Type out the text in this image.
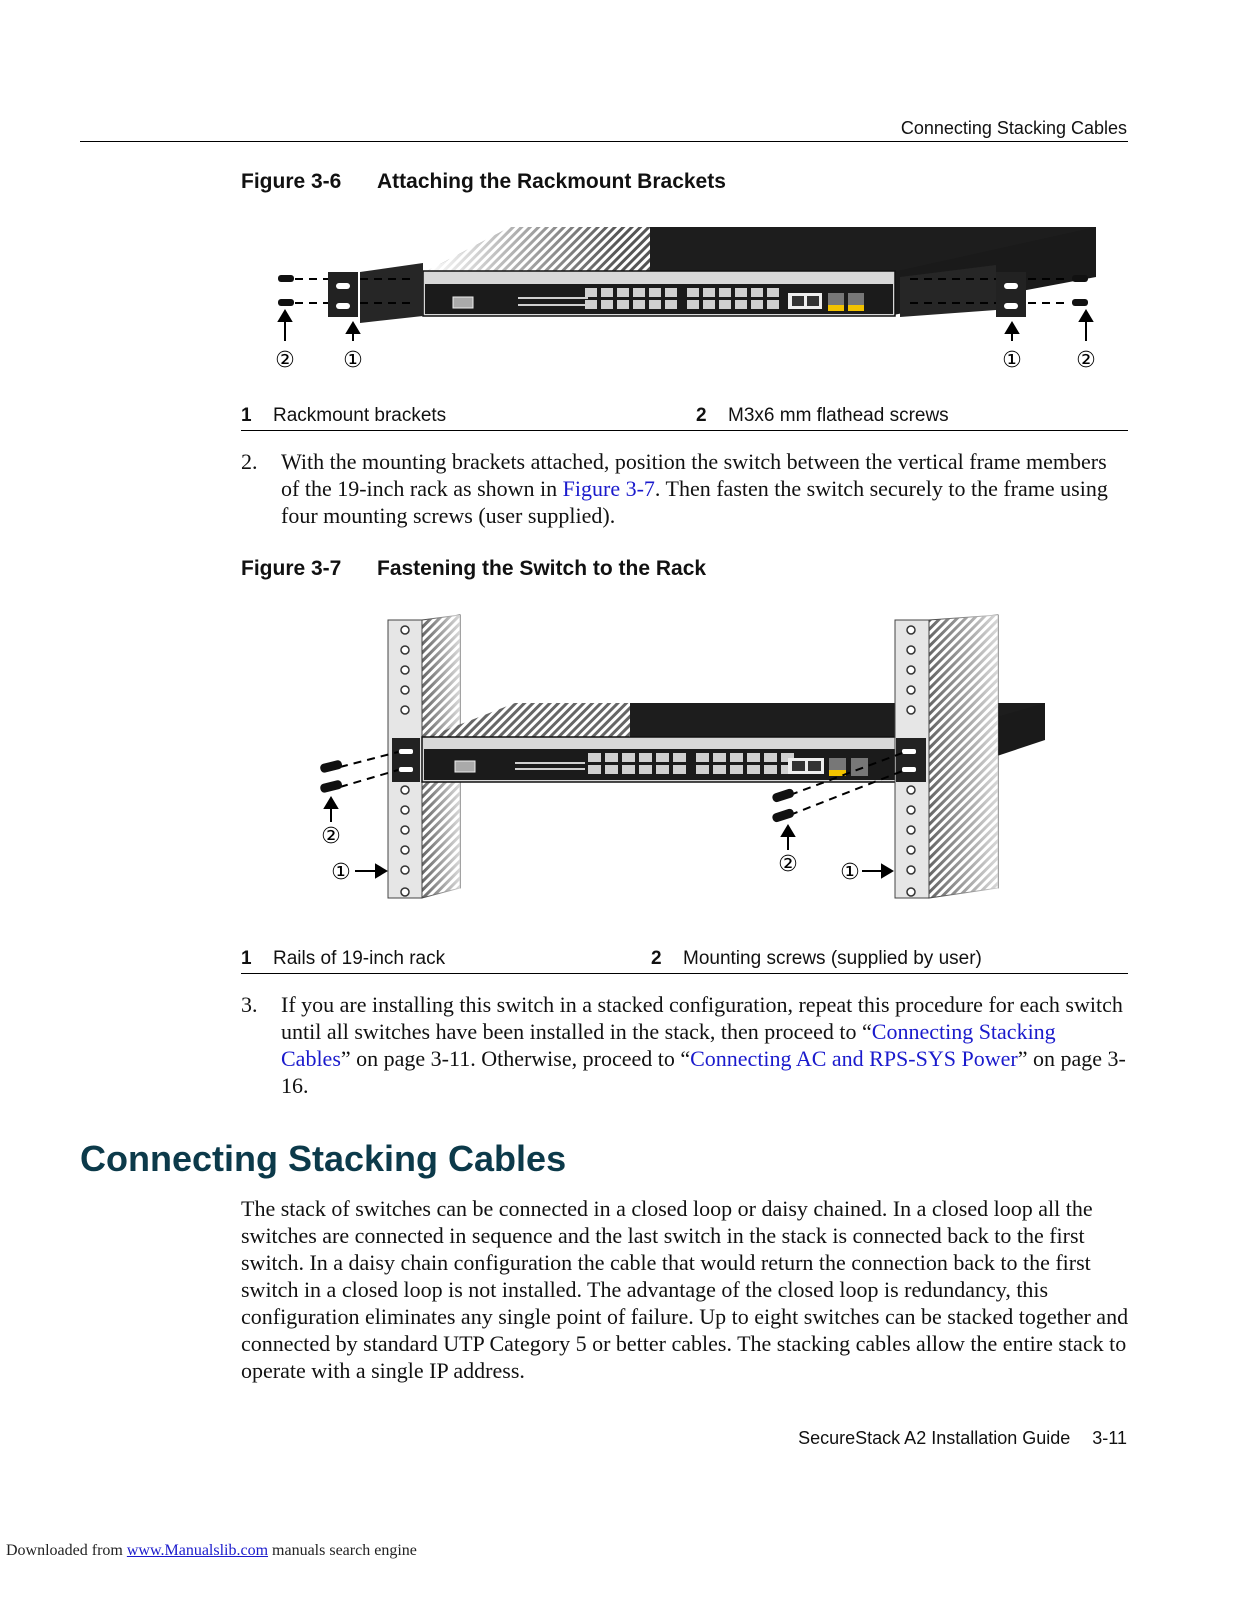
Connecting Stacking Cables
Figure 3-6 Attaching the Rackmount Brackets
② ①	① ②
1	Rackmount brackets	2	M3x6 mm flathead screws
2. With the mounting brackets attached, position the switch between the vertical frame members of the 19-inch rack as shown in Figure 3-7. Then fasten the switch securely to the frame using four mounting screws (user supplied).
Figure 3-7 Fastening the Switch to the Rack
②
①	② ①
1	Rails of 19-inch rack	2	Mounting screws (supplied by user)
3. If you are installing this switch in a stacked configuration, repeat this procedure for each switch until all switches have been installed in the stack, then proceed to “Connecting Stacking Cables” on page 3-11. Otherwise, proceed to “Connecting AC and RPS-SYS Power” on page 3-16.
Connecting Stacking Cables
The stack of switches can be connected in a closed loop or daisy chained. In a closed loop all the switches are connected in sequence and the last switch in the stack is connected back to the first switch. In a daisy chain configuration the cable that would return the connection back to the first switch in a closed loop is not installed. The advantage of the closed loop is redundancy, this configuration eliminates any single point of failure. Up to eight switches can be stacked together and connected by standard UTP Category 5 or better cables. The stacking cables allow the entire stack to operate with a single IP address.
SecureStack A2 Installation Guide 3-11
Downloaded from www.Manualslib.com manuals search engine
